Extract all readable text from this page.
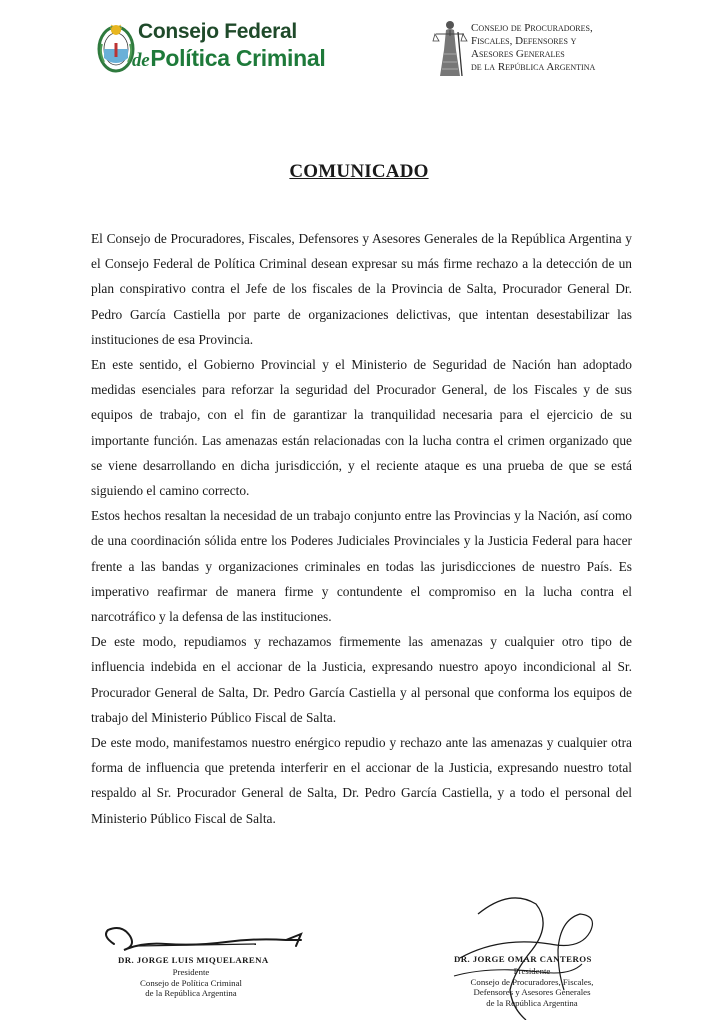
Consejo Federal
dePolítica Criminal
Consejo de Procuradores,
Fiscales, Defensores y
Asesores Generales
de la República Argentina
COMUNICADO

El Consejo de Procuradores, Fiscales, Defensores y Asesores Generales de la República Argentina y el Consejo Federal de Política Criminal desean expresar su más firme rechazo a la detección de un plan conspirativo contra el Jefe de los fiscales de la Provincia de Salta, Procurador General Dr. Pedro García Castiella por parte de organizaciones delictivas, que intentan desestabilizar las instituciones de esa Provincia.

En este sentido, el Gobierno Provincial y el Ministerio de Seguridad de Nación han adoptado medidas esenciales para reforzar la seguridad del Procurador General, de los Fiscales y de sus equipos de trabajo, con el fin de garantizar la tranquilidad necesaria para el ejercicio de su importante función. Las amenazas están relacionadas con la lucha contra el crimen organizado que se viene desarrollando en dicha jurisdicción, y el reciente ataque es una prueba de que se está siguiendo el camino correcto.

Estos hechos resaltan la necesidad de un trabajo conjunto entre las Provincias y la Nación, así como de una coordinación sólida entre los Poderes Judiciales Provinciales y la Justicia Federal para hacer frente a las bandas y organizaciones criminales en todas las jurisdicciones de nuestro País. Es imperativo reafirmar de manera firme y contundente el compromiso en la lucha contra el narcotráfico y la defensa de las instituciones.

De este modo, repudiamos y rechazamos firmemente las amenazas y cualquier otro tipo de influencia indebida en el accionar de la Justicia, expresando nuestro apoyo incondicional al Sr. Procurador General de Salta, Dr. Pedro García Castiella y al personal que conforma los equipos de trabajo del Ministerio Público Fiscal de Salta.

De este modo, manifestamos nuestro enérgico repudio y rechazo ante las amenazas y cualquier otra forma de influencia que pretenda interferir en el accionar de la Justicia, expresando nuestro total respaldo al Sr. Procurador General de Salta, Dr. Pedro García Castiella, y a todo el personal del Ministerio Público Fiscal de Salta.

DR. JORGE LUIS MIQUELARENA
Presidente
Consejo de Política Criminal
de la República Argentina
DR. JORGE OMAR CANTEROS
Presidente
Consejo de Procuradores, Fiscales,
Defensores y Asesores Generales
de la República Argentina
